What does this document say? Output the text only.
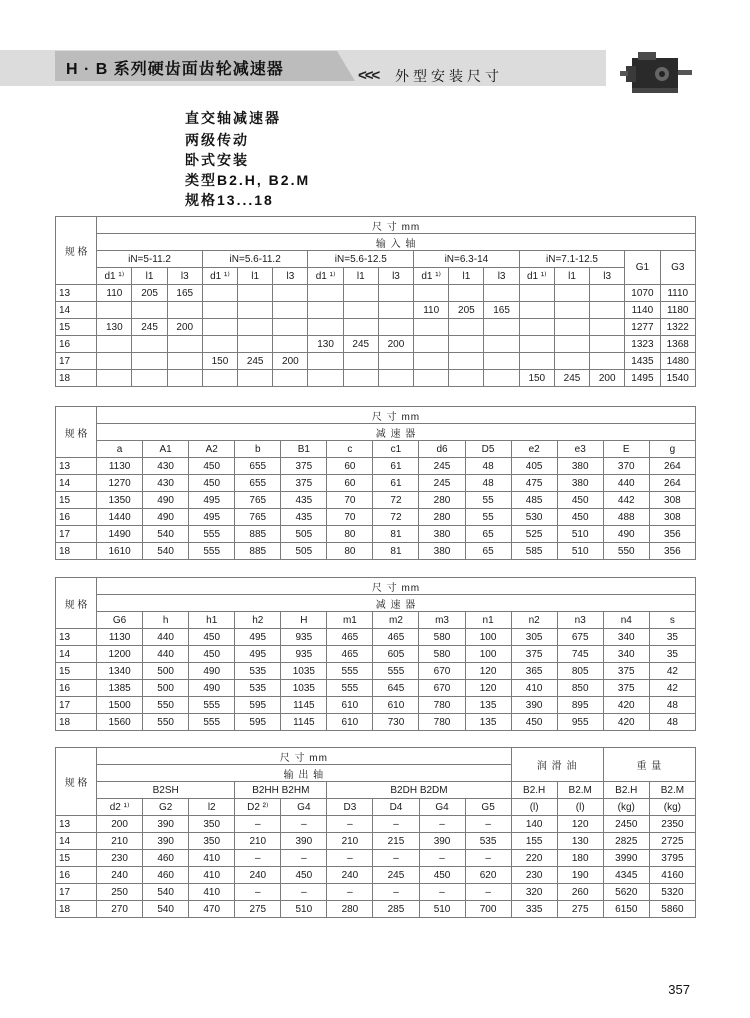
H · B 系列硬齿面齿轮减速器	<<< 外型安装尺寸
直交轴减速器
两级传动
卧式安装
类型B2.H, B2.M
规格13...18
规 格	尺 寸 mm																
	输 入 轴																
	iN=5-11.2			iN=5.6-11.2			iN=5.6-12.5			iN=6.3-14			iN=7.1-12.5			G1	G3
	d1 ¹⁾	l1	l3	d1 ¹⁾	l1	l3	d1 ¹⁾	l1	l3	d1 ¹⁾	l1	l3	d1 ¹⁾	l1	l3		
13	110	205	165													1070	1110
14										110	205	165				1140	1180
15	130	245	200													1277	1322
16							130	245	200							1323	1368
17				150	245	200										1435	1480
18													150	245	200	1495	1540
规 格	尺 寸 mm												
	减 速 器												
	a	A1	A2	b	B1	c	c1	d6	D5	e2	e3	E	g
13	1130	430	450	655	375	60	61	245	48	405	380	370	264
14	1270	430	450	655	375	60	61	245	48	475	380	440	264
15	1350	490	495	765	435	70	72	280	55	485	450	442	308
16	1440	490	495	765	435	70	72	280	55	530	450	488	308
17	1490	540	555	885	505	80	81	380	65	525	510	490	356
18	1610	540	555	885	505	80	81	380	65	585	510	550	356
规 格	尺 寸 mm												
	减 速 器												
	G6	h	h1	h2	H	m1	m2	m3	n1	n2	n3	n4	s
13	1130	440	450	495	935	465	465	580	100	305	675	340	35
14	1200	440	450	495	935	465	605	580	100	375	745	340	35
15	1340	500	490	535	1035	555	555	670	120	365	805	375	42
16	1385	500	490	535	1035	555	645	670	120	410	850	375	42
17	1500	550	555	595	1145	610	610	780	135	390	895	420	48
18	1560	550	555	595	1145	610	730	780	135	450	955	420	48
规 格	尺 寸 mm									润 滑 油		重 量	
	输 出 轴												
	B2SH			B2HH B2HM		B2DH B2DM				B2.H	B2.M	B2.H	B2.M
	d2 ¹⁾	G2	l2	D2 ²⁾	G4	D3	D4	G4	G5	(l)	(l)	(kg)	(kg)
13	200	390	350	–	–	–	–	–	–	140	120	2450	2350
14	210	390	350	210	390	210	215	390	535	155	130	2825	2725
15	230	460	410	–	–	–	–	–	–	220	180	3990	3795
16	240	460	410	240	450	240	245	450	620	230	190	4345	4160
17	250	540	410	–	–	–	–	–	–	320	260	5620	5320
18	270	540	470	275	510	280	285	510	700	335	275	6150	5860
357
